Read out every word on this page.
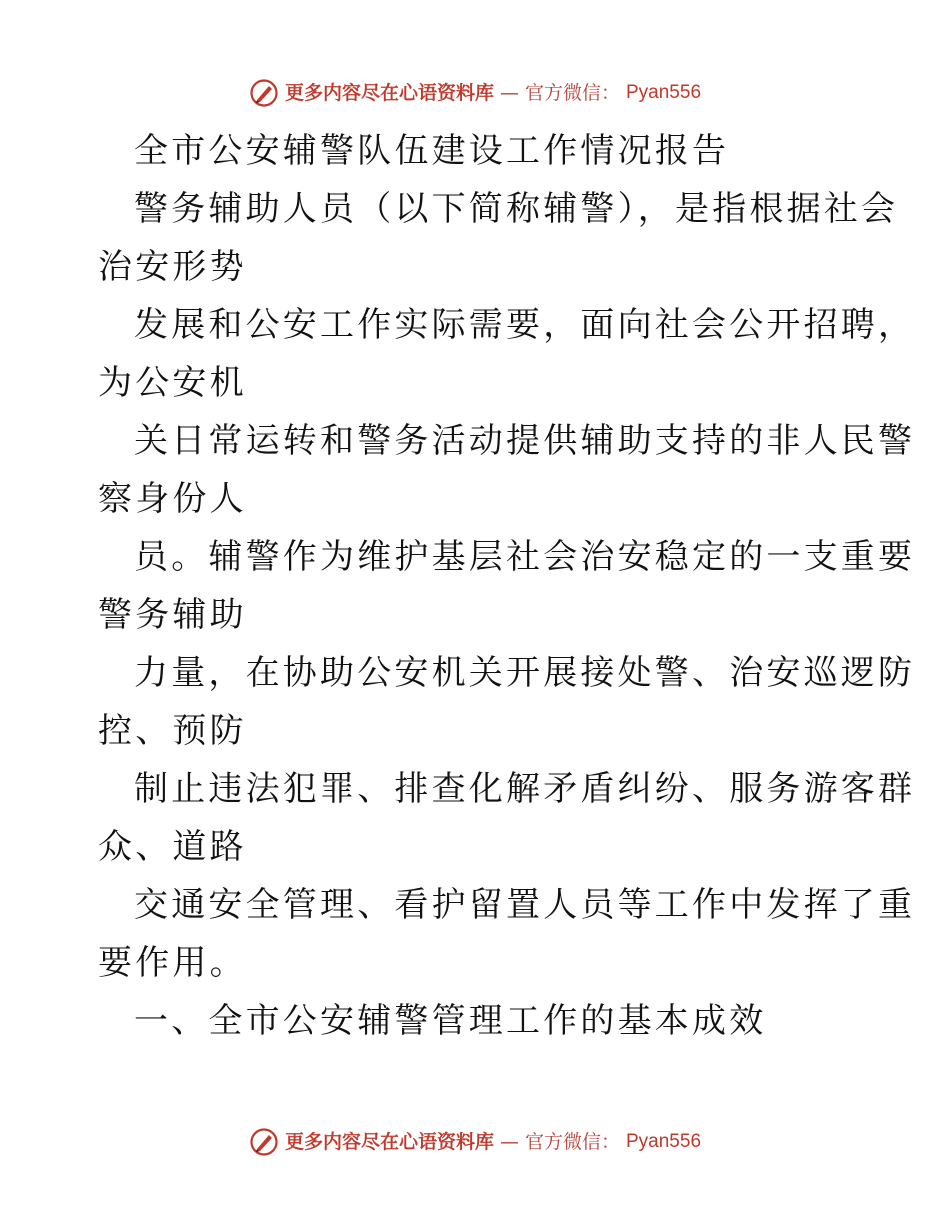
更多内容尽在心语资料库 — 官方微信： Pyan556
全市公安辅警队伍建设工作情况报告
警务辅助人员（以下简称辅警），是指根据社会
治安形势
发展和公安工作实际需要，面向社会公开招聘，
为公安机
关日常运转和警务活动提供辅助支持的非人民警
察身份人
员。辅警作为维护基层社会治安稳定的一支重要
警务辅助
力量，在协助公安机关开展接处警、治安巡逻防
控、预防
制止违法犯罪、排查化解矛盾纠纷、服务游客群
众、道路
交通安全管理、看护留置人员等工作中发挥了重
要作用。
一、全市公安辅警管理工作的基本成效
更多内容尽在心语资料库 — 官方微信： Pyan556
